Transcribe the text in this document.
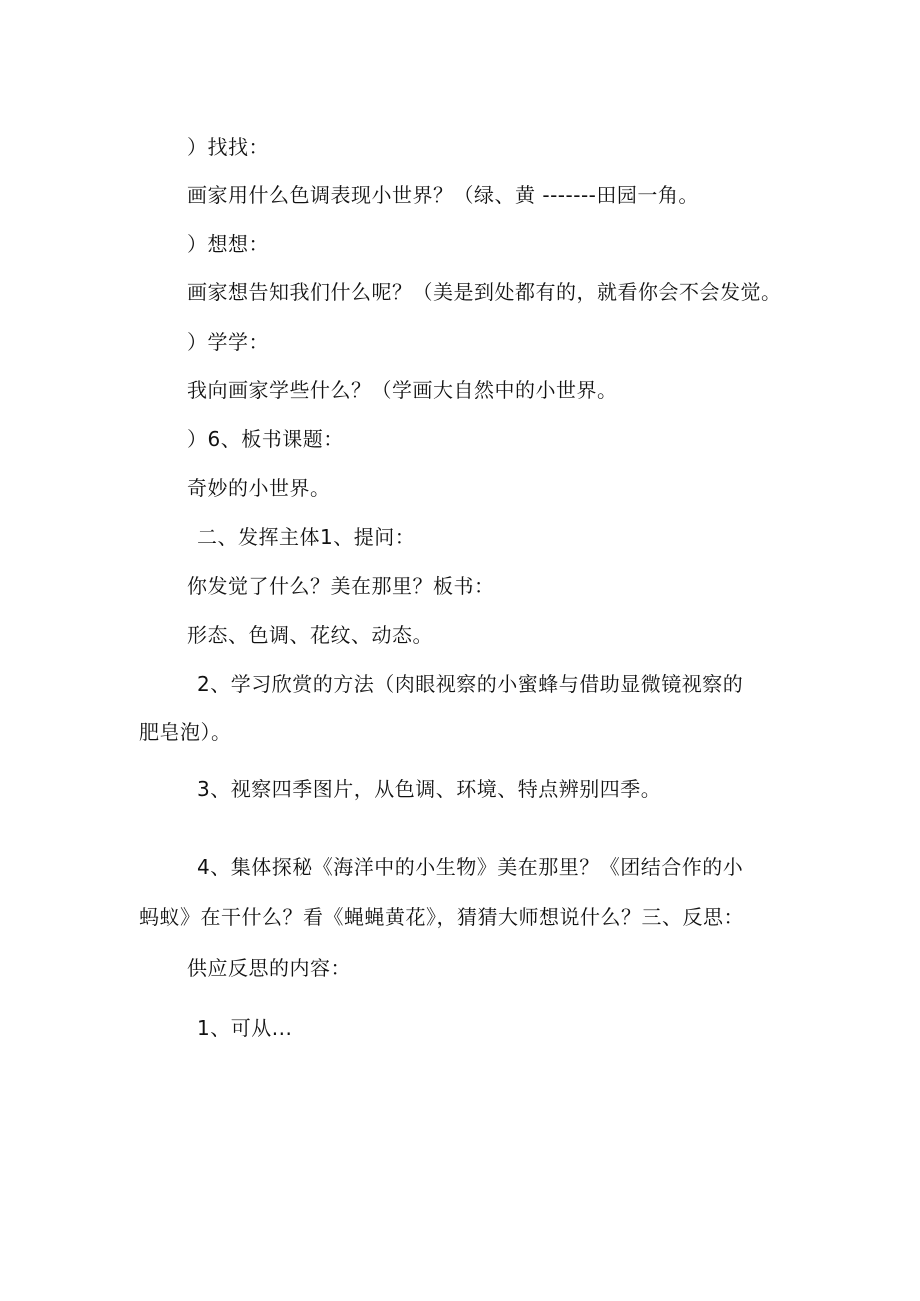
）找找：
画家用什么色调表现小世界？（绿、黄 -------田园一角。
）想想：
画家想告知我们什么呢？（美是到处都有的，就看你会不会发觉。
）学学：
我向画家学些什么？（学画大自然中的小世界。
）6、板书课题：
奇妙的小世界。
二、发挥主体1、提问：
你发觉了什么？美在那里？板书：
形态、色调、花纹、动态。
2、学习欣赏的方法（肉眼视察的小蜜蜂与借助显微镜视察的
肥皂泡）。
3、视察四季图片，从色调、环境、特点辨别四季。
4、集体探秘《海洋中的小生物》美在那里？《团结合作的小
蚂蚁》在干什么？看《蝇蝇黄花》，猜猜大师想说什么？三、反思：
供应反思的内容：
1、可从...
